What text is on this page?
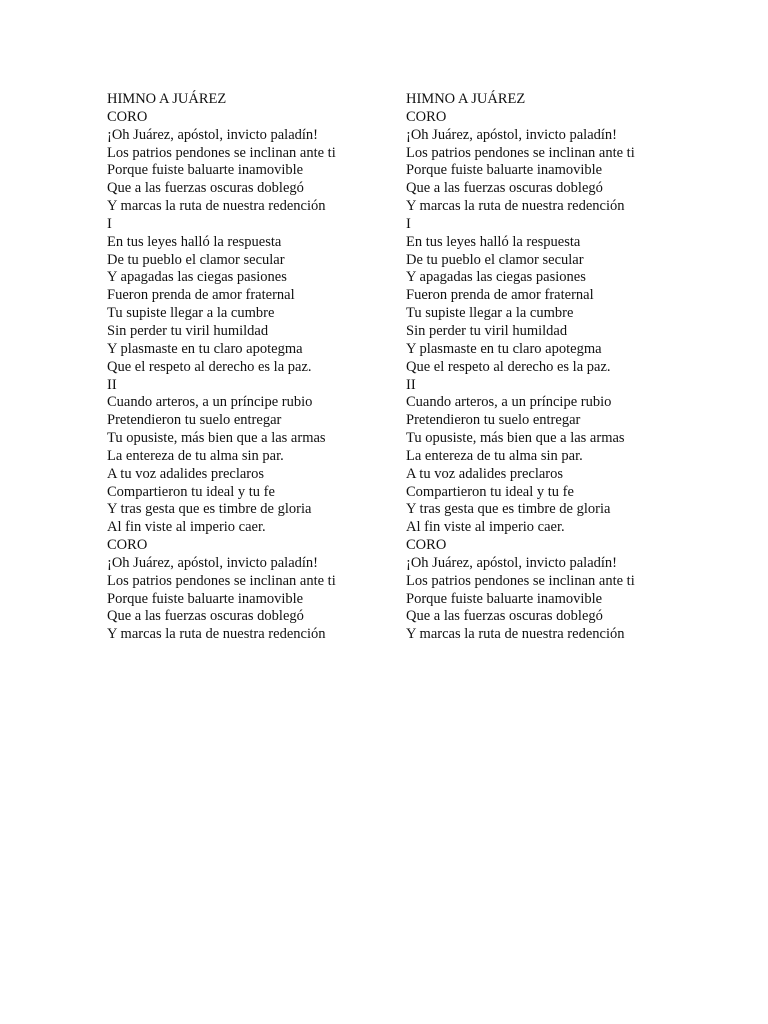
HIMNO A JUÁREZ
CORO
¡Oh Juárez, apóstol, invicto paladín!
Los patrios pendones se inclinan ante ti
Porque fuiste baluarte inamovible
Que a las fuerzas oscuras doblegó
Y marcas la ruta de nuestra redención
I
En tus leyes halló la respuesta
De tu pueblo el clamor secular
Y apagadas las ciegas pasiones
Fueron prenda de amor fraternal
Tu supiste llegar a la cumbre
Sin perder tu viril humildad
Y plasmaste en tu claro apotegma
Que el respeto al derecho es la paz.
II
Cuando arteros, a un príncipe rubio
Pretendieron tu suelo entregar
Tu opusiste, más bien que a las armas
La entereza de tu alma sin par.
A tu voz adalides preclaros
Compartieron tu ideal y tu fe
Y tras gesta que es timbre de gloria
Al fin viste al imperio caer.
CORO
¡Oh Juárez, apóstol, invicto paladín!
Los patrios pendones se inclinan ante ti
Porque fuiste baluarte inamovible
Que a las fuerzas oscuras doblegó
Y marcas la ruta de nuestra redención
HIMNO A JUÁREZ
CORO
¡Oh Juárez, apóstol, invicto paladín!
Los patrios pendones se inclinan ante ti
Porque fuiste baluarte inamovible
Que a las fuerzas oscuras doblegó
Y marcas la ruta de nuestra redención
I
En tus leyes halló la respuesta
De tu pueblo el clamor secular
Y apagadas las ciegas pasiones
Fueron prenda de amor fraternal
Tu supiste llegar a la cumbre
Sin perder tu viril humildad
Y plasmaste en tu claro apotegma
Que el respeto al derecho es la paz.
II
Cuando arteros, a un príncipe rubio
Pretendieron tu suelo entregar
Tu opusiste, más bien que a las armas
La entereza de tu alma sin par.
A tu voz adalides preclaros
Compartieron tu ideal y tu fe
Y tras gesta que es timbre de gloria
Al fin viste al imperio caer.
CORO
¡Oh Juárez, apóstol, invicto paladín!
Los patrios pendones se inclinan ante ti
Porque fuiste baluarte inamovible
Que a las fuerzas oscuras doblegó
Y marcas la ruta de nuestra redención
